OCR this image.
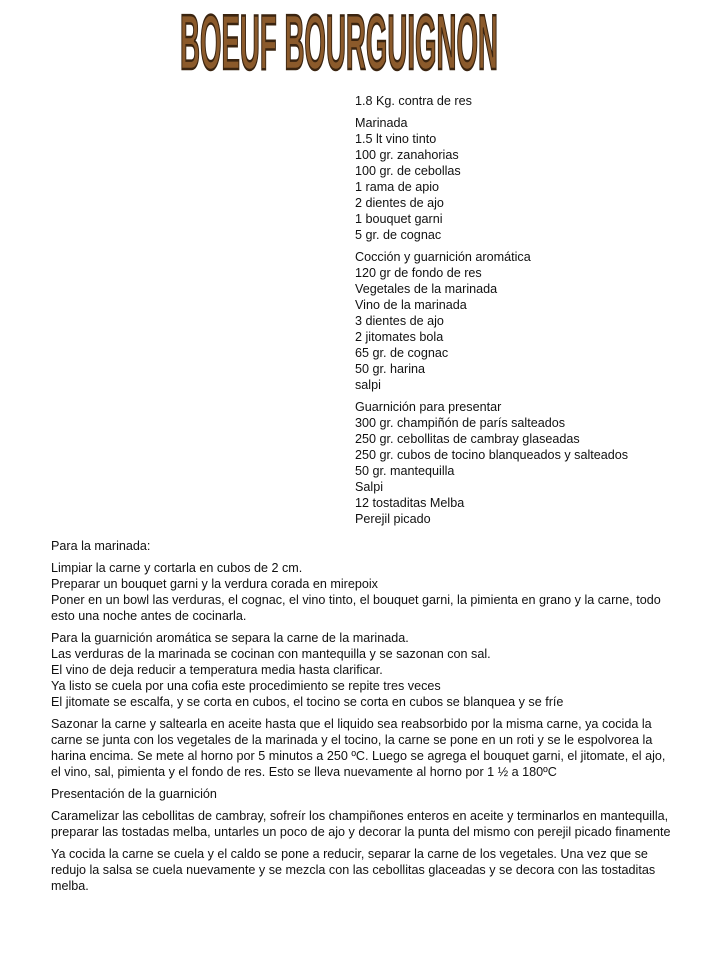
BOEUF BOURGUIGNON
1.8 Kg. contra de res
Marinada
1.5 lt vino tinto
100 gr. zanahorias
100 gr. de cebollas
1 rama de apio
2 dientes de ajo
1 bouquet garni
5 gr. de cognac
Cocción y guarnición aromática
120 gr de fondo de res
Vegetales de la marinada
Vino de la marinada
3 dientes de ajo
2 jitomates bola
65 gr. de cognac
50 gr. harina
salpi
Guarnición para presentar
300 gr. champiñón de parís salteados
250 gr. cebollitas de cambray glaseadas
250 gr. cubos de tocino blanqueados y salteados
50 gr. mantequilla
Salpi
12 tostaditas Melba
Perejil picado
Para la marinada:
Limpiar la carne y cortarla en cubos de 2 cm.
Preparar un bouquet garni y la verdura corada en mirepoix
Poner en un bowl las verduras, el cognac, el vino tinto, el bouquet garni, la pimienta en grano y la carne, todo esto una noche antes de cocinarla.
Para la guarnición aromática se separa la carne de la marinada.
Las verduras de la marinada se cocinan con mantequilla y se sazonan con sal.
El vino de deja reducir a temperatura media hasta clarificar.
Ya listo se cuela por una cofia este procedimiento se repite tres veces
El jitomate se escalfa, y se corta en cubos, el tocino se corta en cubos se blanquea y se fríe
Sazonar la carne y saltearla en aceite hasta que el liquido sea reabsorbido por la misma carne, ya cocida la carne se junta con los vegetales de la marinada y el tocino, la carne se pone en un roti y se le espolvorea la harina encima. Se mete al horno por 5 minutos a 250 ºC. Luego se agrega el bouquet garni, el jitomate, el ajo, el vino, sal, pimienta y el fondo de res. Esto se lleva nuevamente al horno por 1 ½ a 180ºC
Presentación de la guarnición
Caramelizar las cebollitas de cambray, sofreír los champiñones enteros en aceite y terminarlos en mantequilla, preparar las tostadas melba, untarles un poco de ajo y decorar la punta del mismo con perejil picado finamente
Ya cocida la carne se cuela y el caldo se pone a reducir, separar la carne de los vegetales. Una vez que se redujo la salsa se cuela nuevamente y se mezcla con las cebollitas glaceadas y se decora con las tostaditas melba.
